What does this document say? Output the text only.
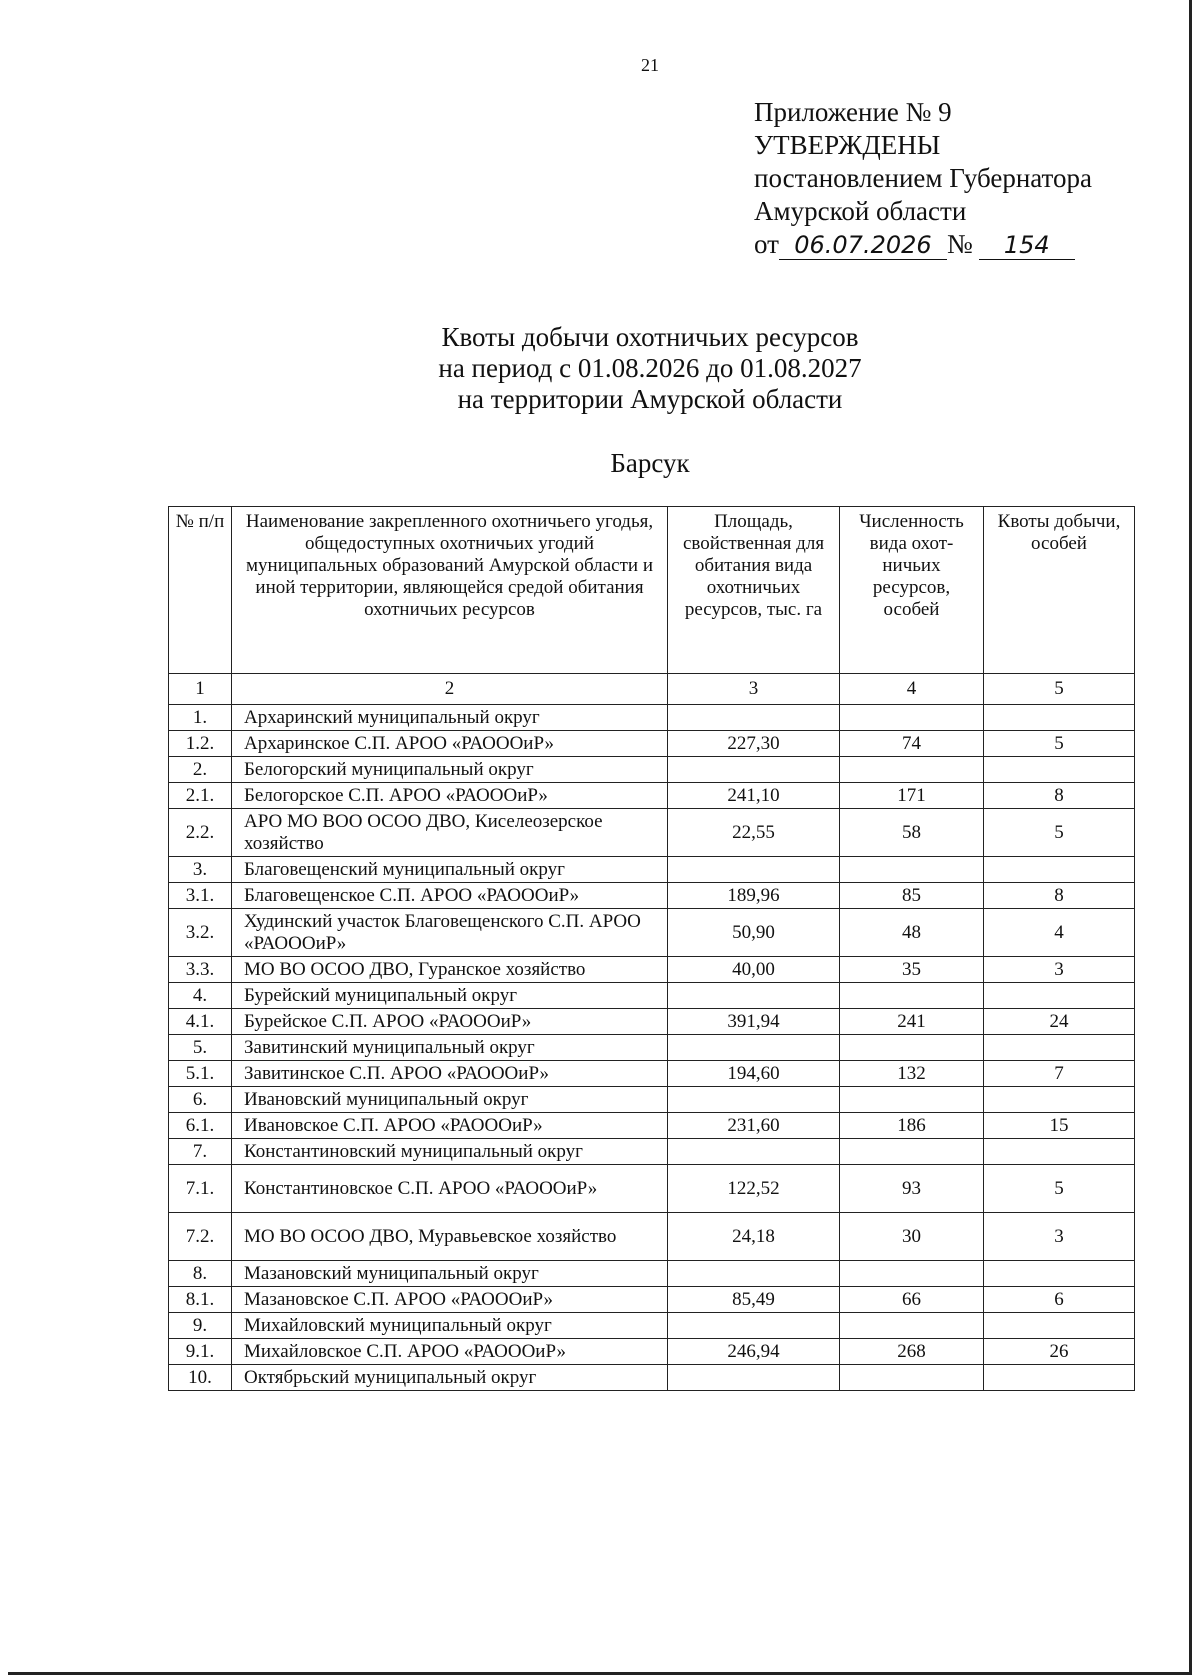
21
Приложение № 9
УТВЕРЖДЕНЫ
постановлением Губернатора
Амурской области
от 06.07.2026 № 154
Квоты добычи охотничьих ресурсов
на период с 01.08.2026 до 01.08.2027
на территории Амурской области
Барсук
№ п/п	Наименование закрепленного охотничьего угодья, общедоступных охотничьих угодий муниципальных образований Амурской области и иной территории, являющейся средой обитания охотничьих ресурсов	Площадь, свойственная для обитания вида охотничьих ресурсов, тыс. га	Численность вида охот-ничьих ресурсов, особей	Квоты добычи, особей
1	2	3	4	5
1.	Архаринский муниципальный округ			
1.2.	Архаринское С.П. АРОО «РАОООиР»	227,30	74	5
2.	Белогорский муниципальный округ			
2.1.	Белогорское С.П. АРОО «РАОООиР»	241,10	171	8
2.2.	АРО МО ВОО ОСОО ДВО, Киселеозерское хозяйство	22,55	58	5
3.	Благовещенский муниципальный округ			
3.1.	Благовещенское С.П. АРОО «РАОООиР»	189,96	85	8
3.2.	Худинский участок Благовещенского С.П. АРОО «РАОООиР»	50,90	48	4
3.3.	МО ВО ОСОО ДВО, Гуранское хозяйство	40,00	35	3
4.	Бурейский муниципальный округ			
4.1.	Бурейское С.П. АРОО «РАОООиР»	391,94	241	24
5.	Завитинский муниципальный округ			
5.1.	Завитинское С.П. АРОО «РАОООиР»	194,60	132	7
6.	Ивановский муниципальный округ			
6.1.	Ивановское С.П. АРОО «РАОООиР»	231,60	186	15
7.	Константиновский муниципальный округ			
7.1.	Константиновское С.П. АРОО «РАОООиР»	122,52	93	5
7.2.	МО ВО ОСОО ДВО, Муравьевское хозяйство	24,18	30	3
8.	Мазановский муниципальный округ			
8.1.	Мазановское С.П. АРОО «РАОООиР»	85,49	66	6
9.	Михайловский муниципальный округ			
9.1.	Михайловское С.П. АРОО «РАОООиР»	246,94	268	26
10.	Октябрьский муниципальный округ			
